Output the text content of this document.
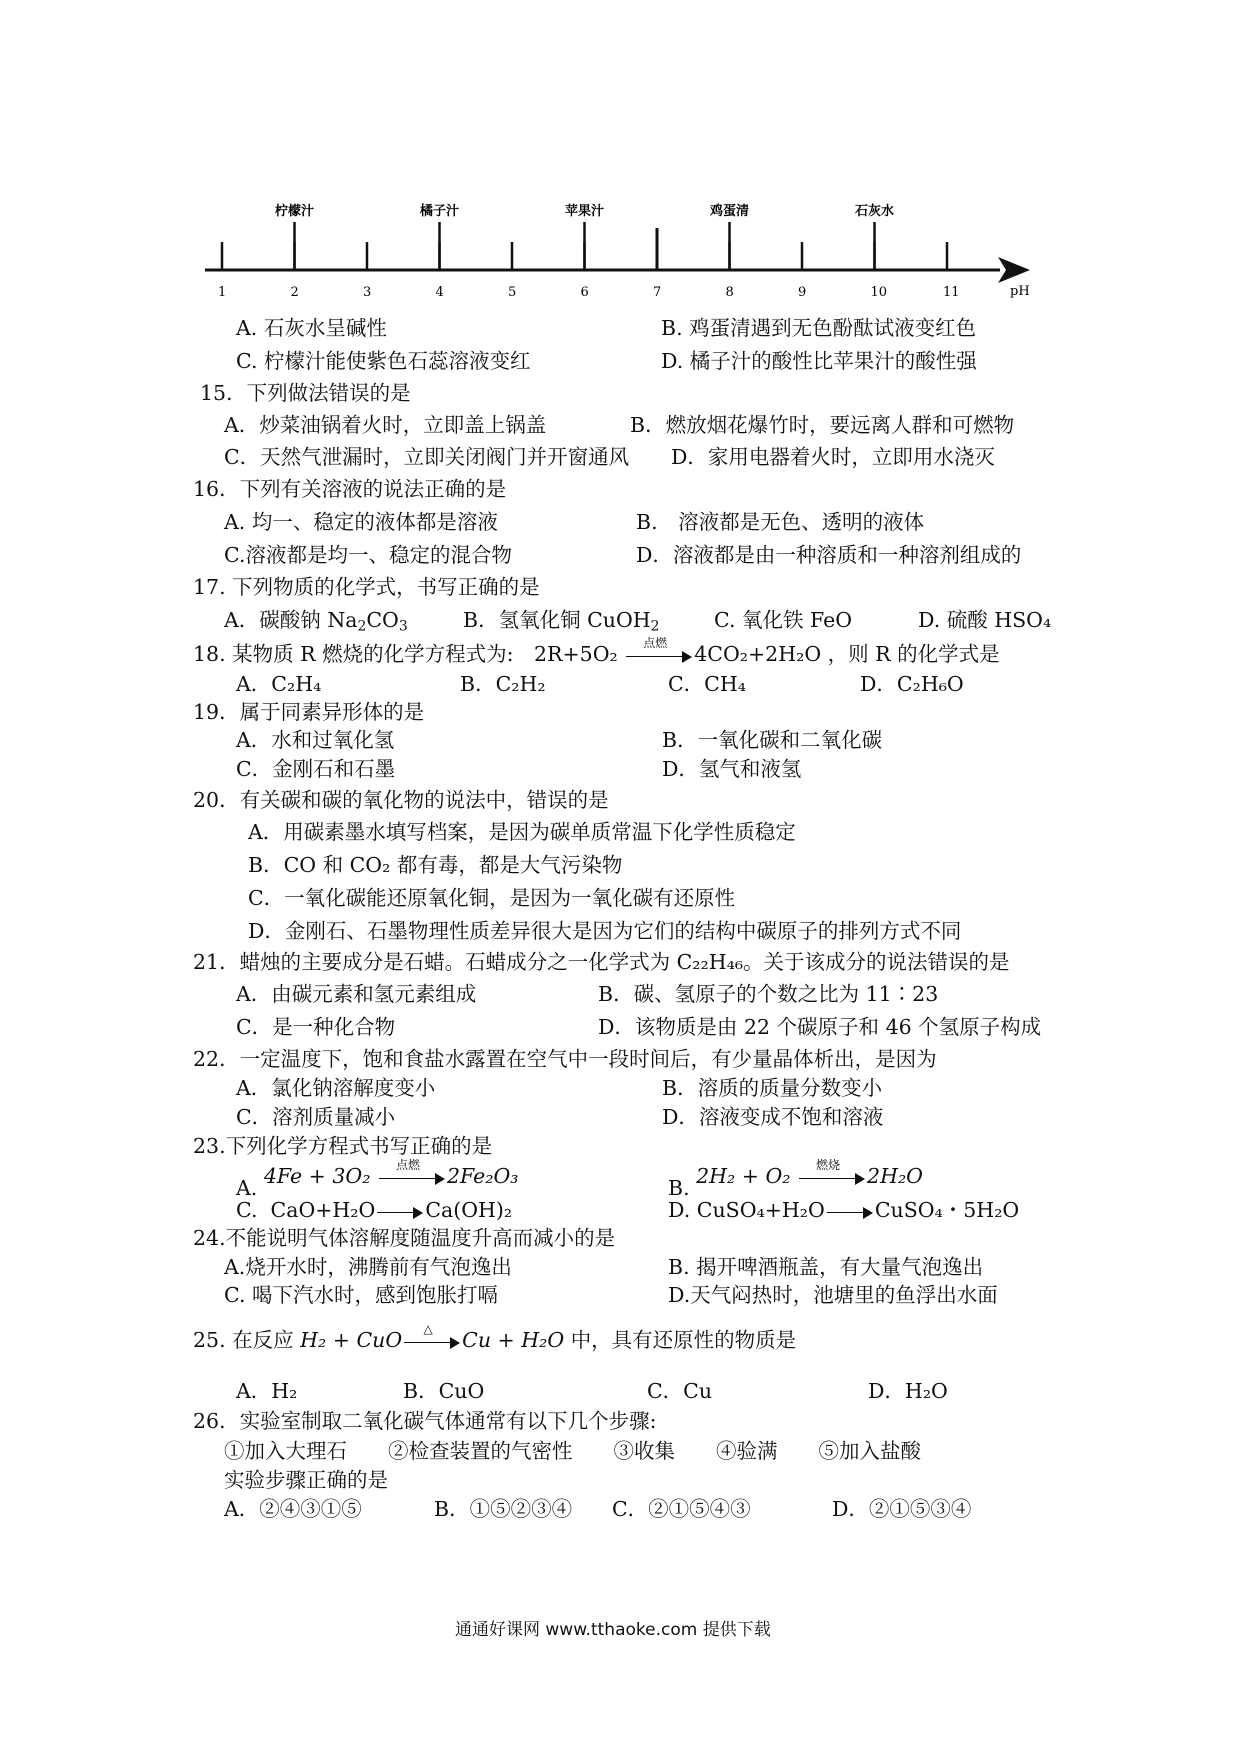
1	2	3	4	5	6	7	8	9	10	11
柠檬汁	橘子汁	苹果汁	鸡蛋清	石灰水
pH
A. 石灰水呈碱性	B. 鸡蛋清遇到无色酚酞试液变红色
C. 柠檬汁能使紫色石蕊溶液变红	D. 橘子汁的酸性比苹果汁的酸性强
15．下列做法错误的是
A．炒菜油锅着火时，立即盖上锅盖	B．燃放烟花爆竹时，要远离人群和可燃物
C．天然气泄漏时，立即关闭阀门并开窗通风 D．家用电器着火时，立即用水浇灭
16．下列有关溶液的说法正确的是
A. 均一、稳定的液体都是溶液	B.　溶液都是无色、透明的液体
C.溶液都是均一、稳定的混合物	D．溶液都是由一种溶质和一种溶剂组成的
17. 下列物质的化学式，书写正确的是
A．碳酸钠 $Na_2CO_3$	B．氢氧化铜 CuOH$_2$	C. 氧化铁 FeO	D. 硫酸 HSO₄
18. 某物质 R 燃烧的化学方程式为:　2R+5O₂	点燃	4CO₂+2H₂O ，则 R 的化学式是
A．C₂H₄	B．C₂H₂	C．CH₄	D．C₂H₆O
19．属于同素异形体的是
A．水和过氧化氢	B．一氧化碳和二氧化碳
C．金刚石和石墨	D．氢气和液氢
20．有关碳和碳的氧化物的说法中，错误的是
A．用碳素墨水填写档案，是因为碳单质常温下化学性质稳定
B．CO 和 CO₂ 都有毒，都是大气污染物
C．一氧化碳能还原氧化铜，是因为一氧化碳有还原性
D．金刚石、石墨物理性质差异很大是因为它们的结构中碳原子的排列方式不同
21．蜡烛的主要成分是石蜡。石蜡成分之一化学式为 C₂₂H₄₆。关于该成分的说法错误的是
A．由碳元素和氢元素组成	B．碳、氢原子的个数之比为 11∶23
C．是一种化合物	D．该物质是由 22 个碳原子和 46 个氢原子构成
22．一定温度下，饱和食盐水露置在空气中一段时间后，有少量晶体析出，是因为
A．氯化钠溶解度变小	B．溶质的质量分数变小
C．溶剂质量减小	D．溶液变成不饱和溶液
23.下列化学方程式书写正确的是
A. 4Fe + 3O₂	点燃	2Fe₂O₃	B. 2H₂ + O₂	燃烧	2H₂O
C. CaO+H₂O Ca(OH)₂	D. CuSO₄+H₂O CuSO₄・5H₂O
24.不能说明气体溶解度随温度升高而减小的是
A.烧开水时，沸腾前有气泡逸出	B. 揭开啤酒瓶盖，有大量气泡逸出
C. 喝下汽水时，感到饱胀打嗝	D.天气闷热时，池塘里的鱼浮出水面
25. 在反应 H₂ + CuO	△	Cu + H₂O 中，具有还原性的物质是
A．H₂	B．CuO	C．Cu	D．H₂O
26．实验室制取二氧化碳气体通常有以下几个步骤:
①加入大理石　　②检查装置的气密性　　③收集　　④验满　　⑤加入盐酸
实验步骤正确的是
A．②④③①⑤	B．①⑤②③④ C．②①⑤④③	D．②①⑤③④
通通好课网 www.tthaoke.com 提供下载
